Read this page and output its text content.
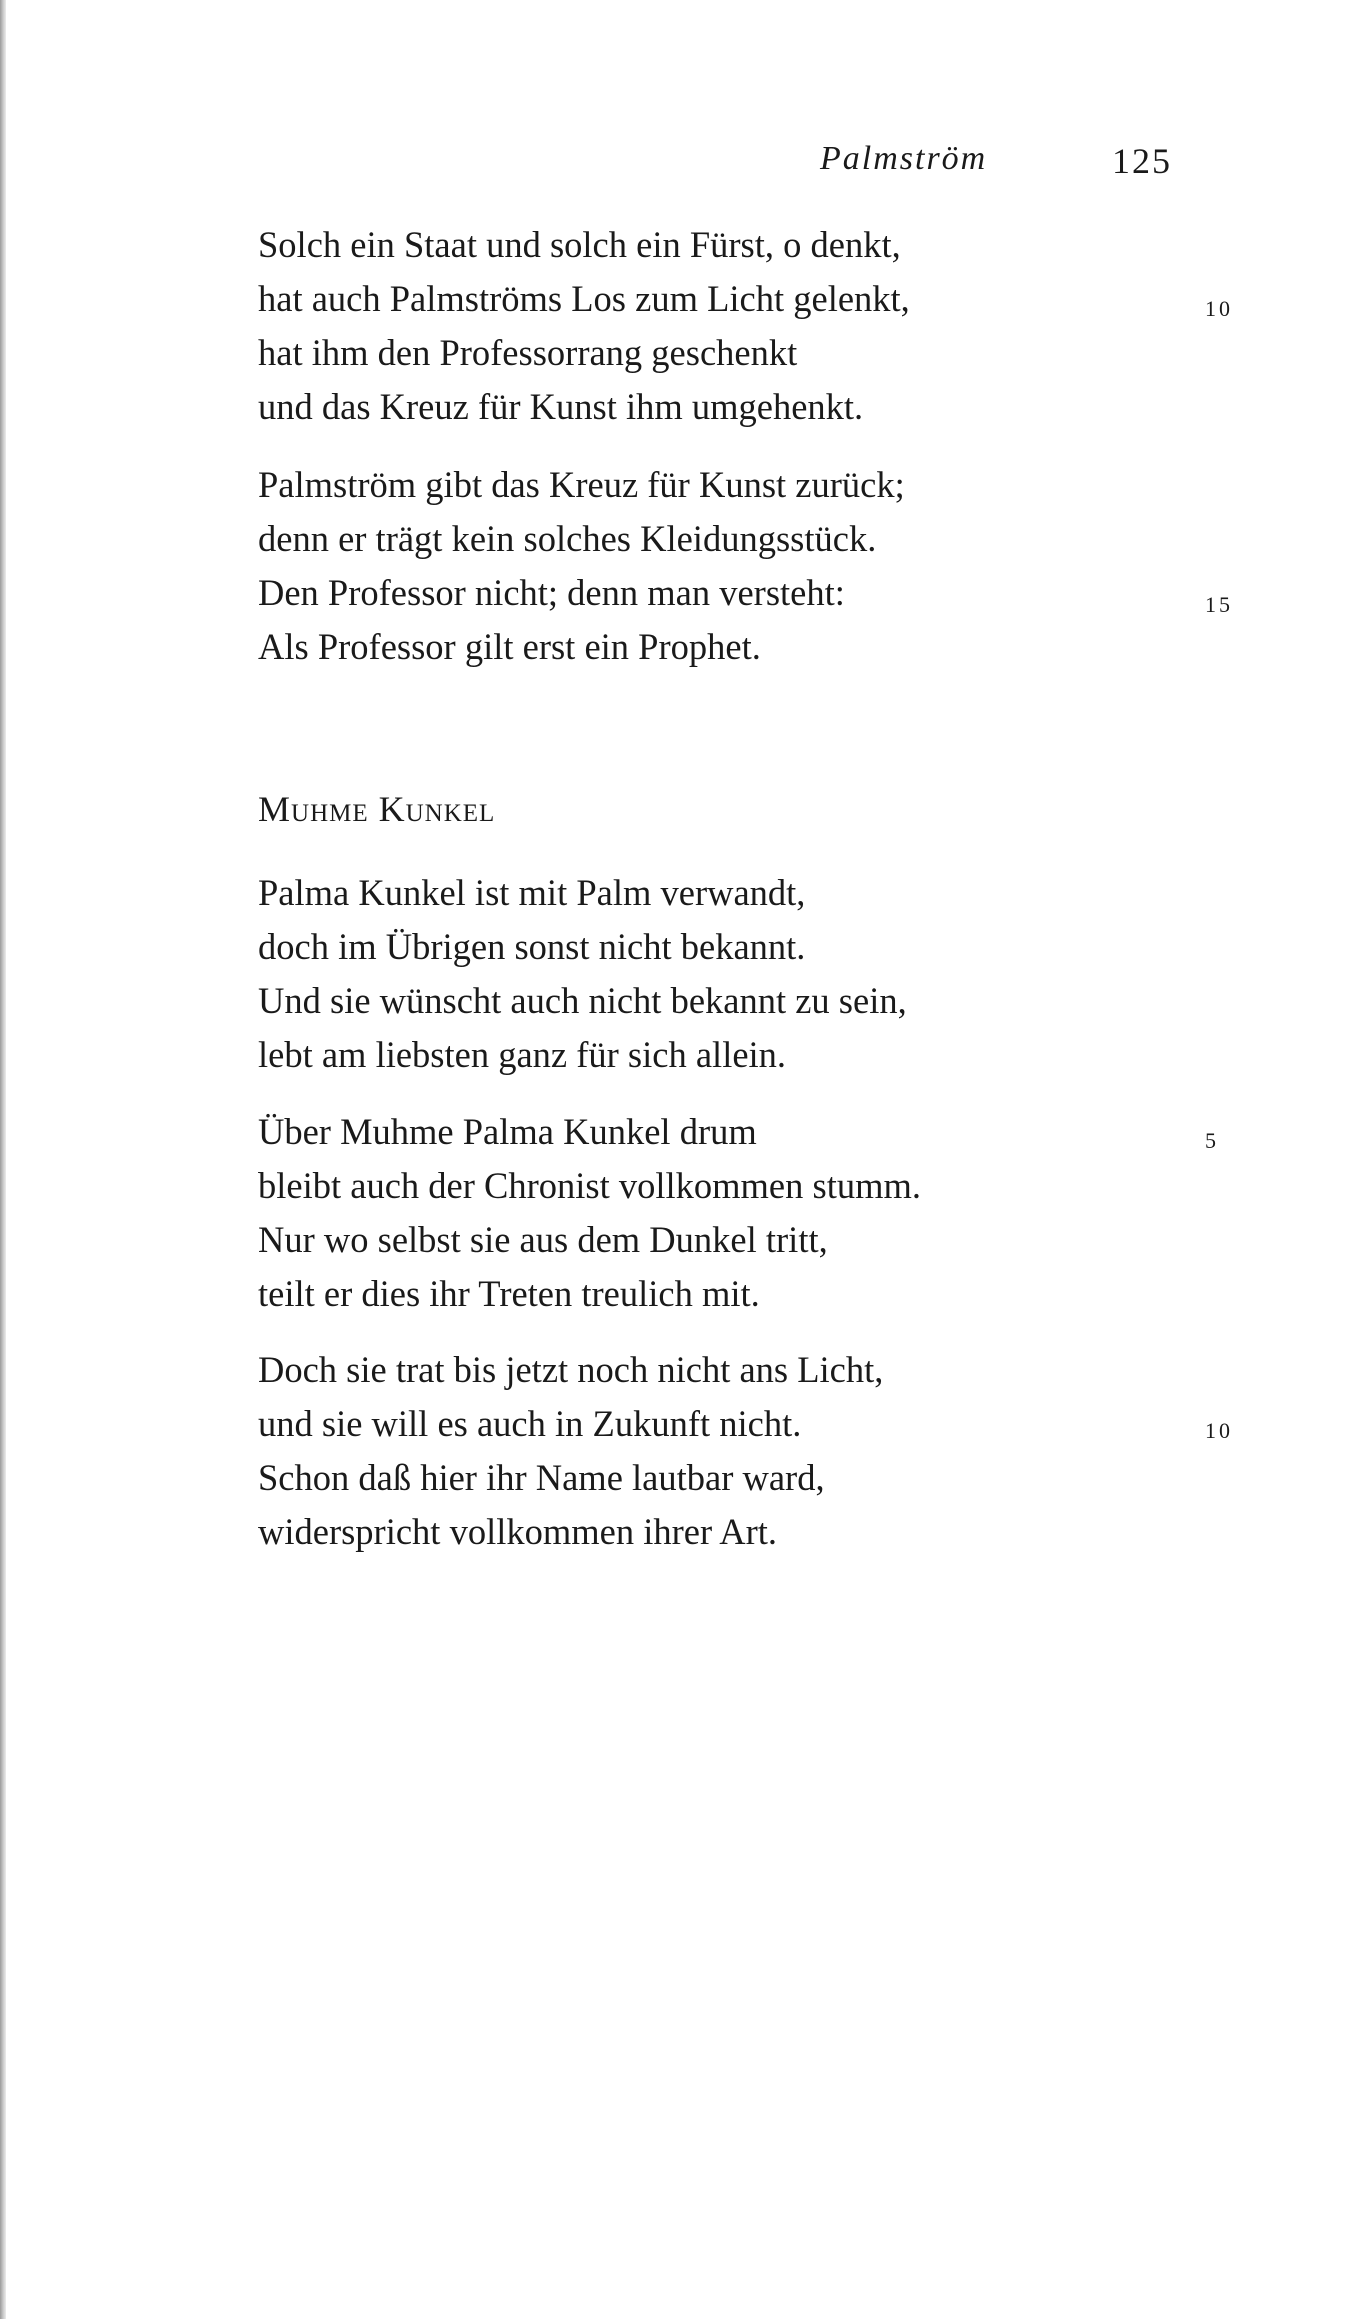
Palmström	125
Solch ein Staat und solch ein Fürst, o denkt,
hat auch Palmströms Los zum Licht gelenkt,
hat ihm den Professorrang geschenkt
und das Kreuz für Kunst ihm umgehenkt.
10
Palmström gibt das Kreuz für Kunst zurück;
denn er trägt kein solches Kleidungsstück.
Den Professor nicht; denn man versteht:
Als Professor gilt erst ein Prophet.
15
Muhme Kunkel
Palma Kunkel ist mit Palm verwandt,
doch im Übrigen sonst nicht bekannt.
Und sie wünscht auch nicht bekannt zu sein,
lebt am liebsten ganz für sich allein.
Über Muhme Palma Kunkel drum
bleibt auch der Chronist vollkommen stumm.
Nur wo selbst sie aus dem Dunkel tritt,
teilt er dies ihr Treten treulich mit.
5
Doch sie trat bis jetzt noch nicht ans Licht,
und sie will es auch in Zukunft nicht.
Schon daß hier ihr Name lautbar ward,
widerspricht vollkommen ihrer Art.
10
